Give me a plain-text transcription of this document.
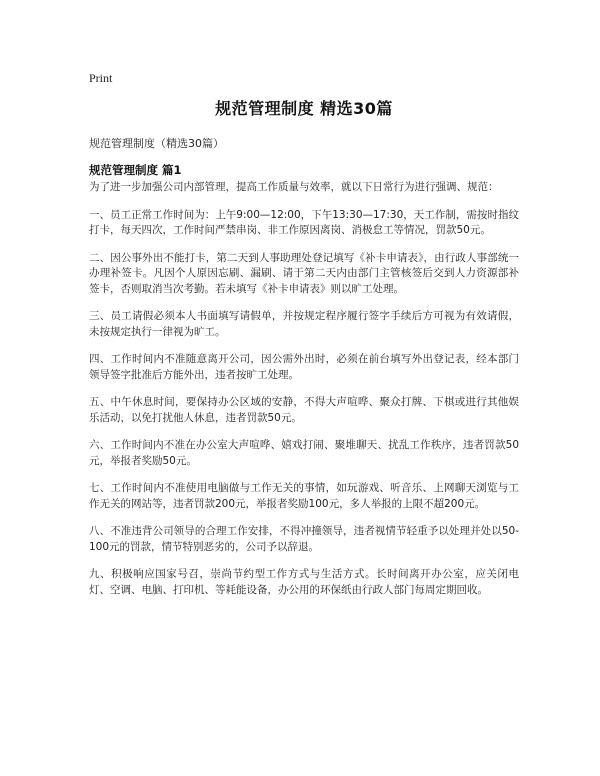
Print
规范管理制度 精选30篇
规范管理制度（精选30篇）
规范管理制度 篇1

为了进一步加强公司内部管理，提高工作质量与效率，就以下日常行为进行强调、规范：

一、员工正常工作时间为：上午9:00—12:00，下午13:30—17:30，天工作制，需按时指纹打卡，每天四次，工作时间严禁串岗、非工作原因离岗、消极怠工等情况，罚款50元。

二、因公事外出不能打卡，第二天到人事助理处登记填写《补卡申请表》，由行政人事部统一办理补签卡。凡因个人原因忘刷、漏刷、请于第二天内由部门主管核签后交到人力资源部补签卡，否则取消当次考勤。若未填写《补卡申请表》则以旷工处理。

三、员工请假必须本人书面填写请假单，并按规定程序履行签字手续后方可视为有效请假，未按规定执行一律视为旷工。

四、工作时间内不准随意离开公司，因公需外出时，必须在前台填写外出登记表，经本部门领导签字批准后方能外出，违者按旷工处理。

五、中午休息时间，要保持办公区域的安静，不得大声喧哗、聚众打牌、下棋或进行其他娱乐活动，以免打扰他人休息，违者罚款50元。

六、工作时间内不准在办公室大声喧哗、嬉戏打闹、聚堆聊天、扰乱工作秩序，违者罚款50元，举报者奖励50元。

七、工作时间内不准使用电脑做与工作无关的事情，如玩游戏、听音乐、上网聊天浏览与工作无关的网站等，违者罚款200元，举报者奖励100元，多人举报的上限不超200元。

八、不准违背公司领导的合理工作安排，不得冲撞领导，违者视情节轻重予以处理并处以50-100元的罚款，情节特别恶劣的，公司予以辞退。

九、积极响应国家号召，崇尚节约型工作方式与生活方式。长时间离开办公室，应关闭电灯、空调、电脑、打印机、等耗能设备，办公用的环保纸由行政人部门每周定期回收。
